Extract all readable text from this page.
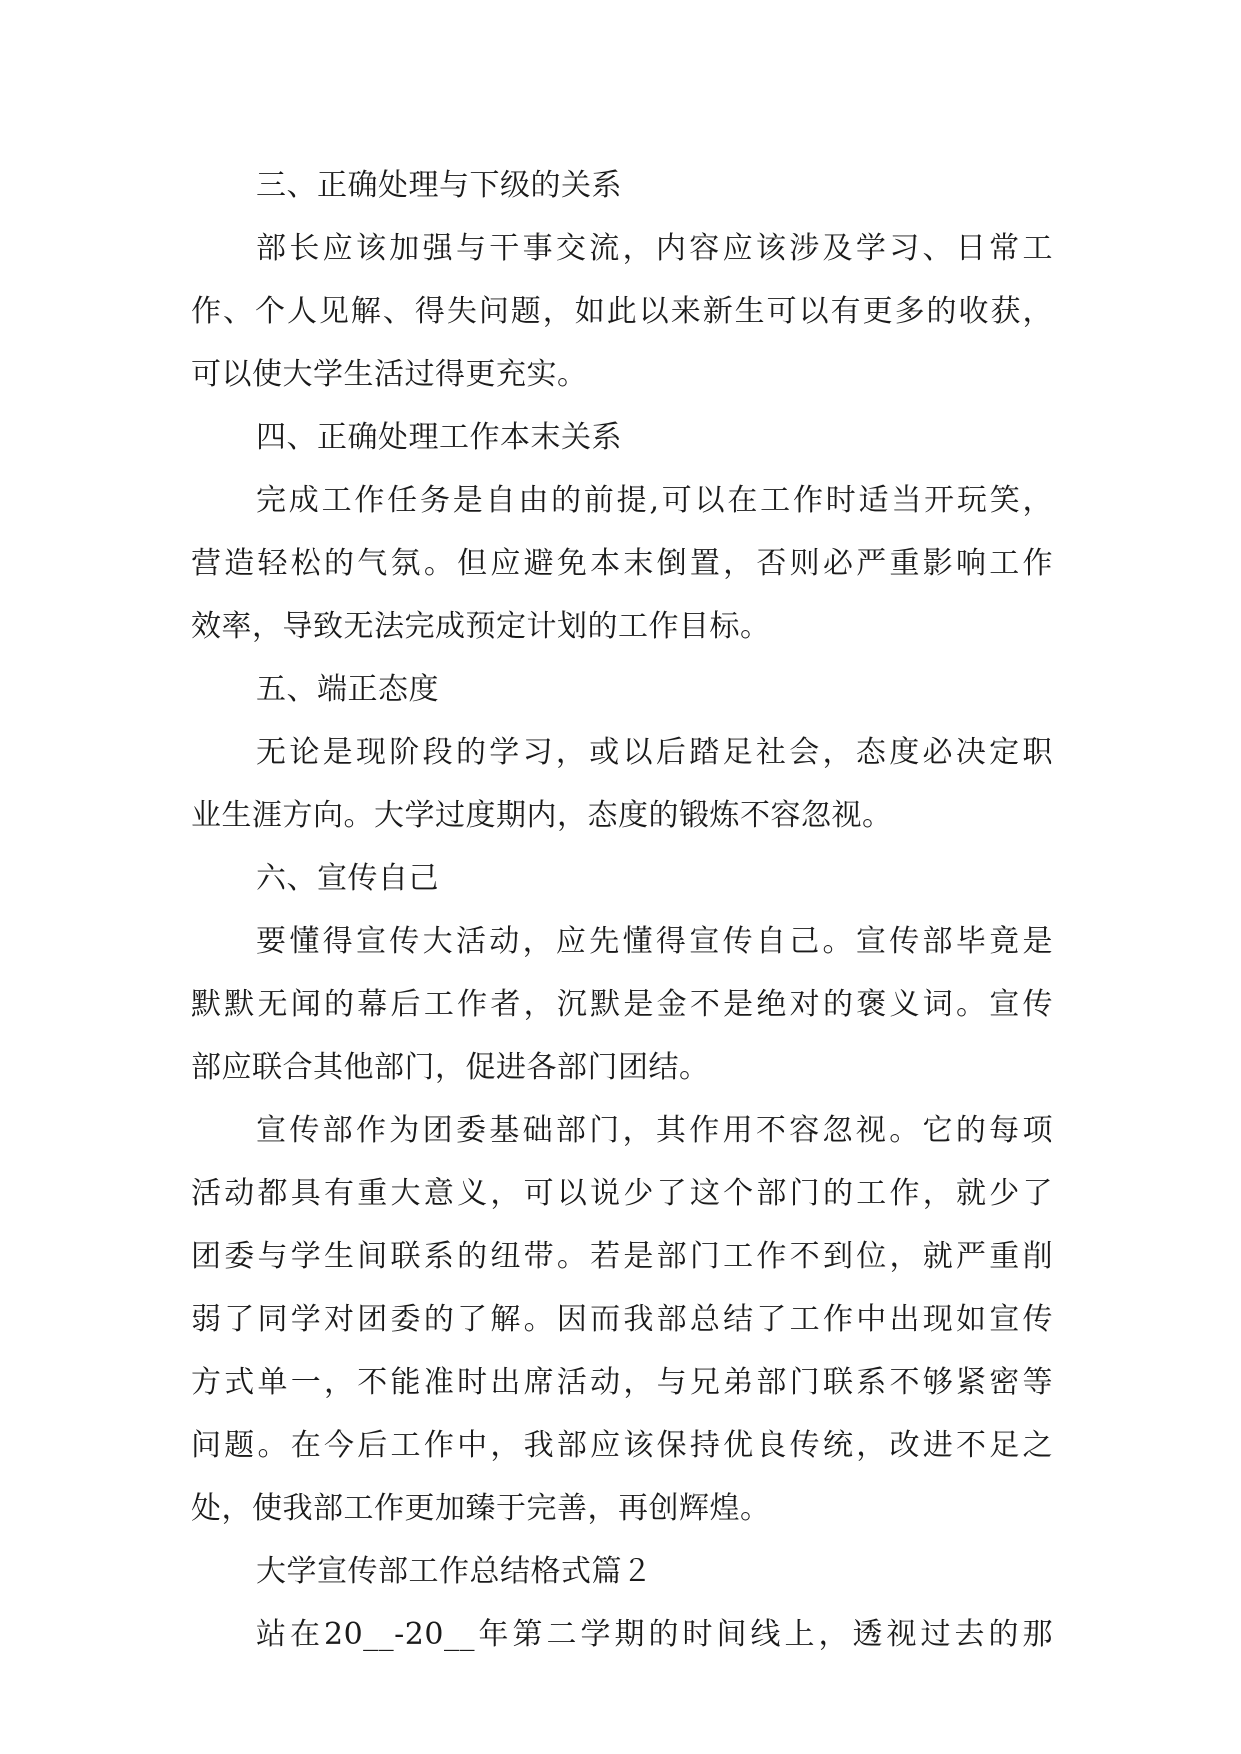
三、正确处理与下级的关系
部长应该加强与干事交流，内容应该涉及学习、日常工
作、个人见解、得失问题，如此以来新生可以有更多的收获，
可以使大学生活过得更充实。
四、正确处理工作本末关系
完成工作任务是自由的前提,可以在工作时适当开玩笑，
营造轻松的气氛。但应避免本末倒置，否则必严重影响工作
效率，导致无法完成预定计划的工作目标。
五、端正态度
无论是现阶段的学习，或以后踏足社会，态度必决定职
业生涯方向。大学过度期内，态度的锻炼不容忽视。
六、宣传自己
要懂得宣传大活动，应先懂得宣传自己。宣传部毕竟是
默默无闻的幕后工作者，沉默是金不是绝对的褒义词。宣传
部应联合其他部门，促进各部门团结。
宣传部作为团委基础部门，其作用不容忽视。它的每项
活动都具有重大意义，可以说少了这个部门的工作，就少了
团委与学生间联系的纽带。若是部门工作不到位，就严重削
弱了同学对团委的了解。因而我部总结了工作中出现如宣传
方式单一，不能准时出席活动，与兄弟部门联系不够紧密等
问题。在今后工作中，我部应该保持优良传统，改进不足之
处，使我部工作更加臻于完善，再创辉煌。
大学宣传部工作总结格式篇２
站在20__-20__年第二学期的时间线上，透视过去的那
